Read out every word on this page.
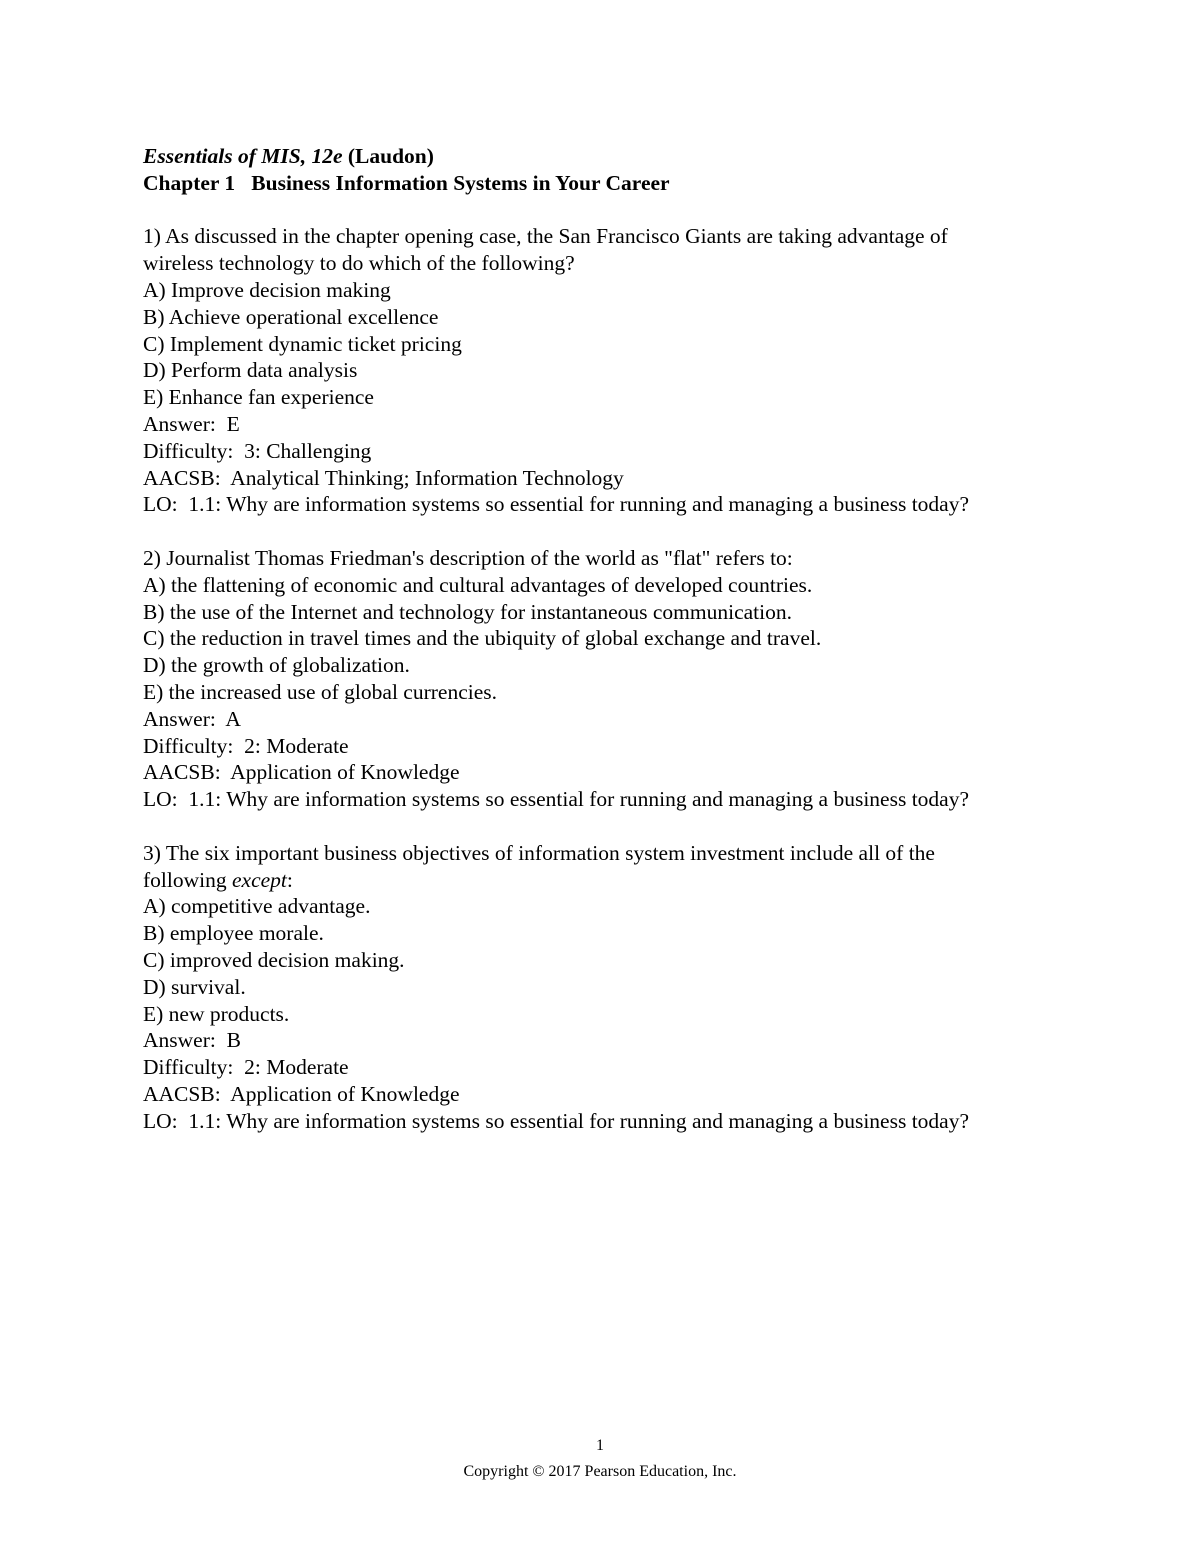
Essentials of MIS, 12e (Laudon)
Chapter 1   Business Information Systems in Your Career
1) As discussed in the chapter opening case, the San Francisco Giants are taking advantage of
wireless technology to do which of the following?
A) Improve decision making
B) Achieve operational excellence
C) Implement dynamic ticket pricing
D) Perform data analysis
E) Enhance fan experience
Answer:  E
Difficulty:  3: Challenging
AACSB:  Analytical Thinking; Information Technology
LO:  1.1: Why are information systems so essential for running and managing a business today?
2) Journalist Thomas Friedman's description of the world as "flat" refers to:
A) the flattening of economic and cultural advantages of developed countries.
B) the use of the Internet and technology for instantaneous communication.
C) the reduction in travel times and the ubiquity of global exchange and travel.
D) the growth of globalization.
E) the increased use of global currencies.
Answer:  A
Difficulty:  2: Moderate
AACSB:  Application of Knowledge
LO:  1.1: Why are information systems so essential for running and managing a business today?
3) The six important business objectives of information system investment include all of the
following except:
A) competitive advantage.
B) employee morale.
C) improved decision making.
D) survival.
E) new products.
Answer:  B
Difficulty:  2: Moderate
AACSB:  Application of Knowledge
LO:  1.1: Why are information systems so essential for running and managing a business today?
1
Copyright © 2017 Pearson Education, Inc.
